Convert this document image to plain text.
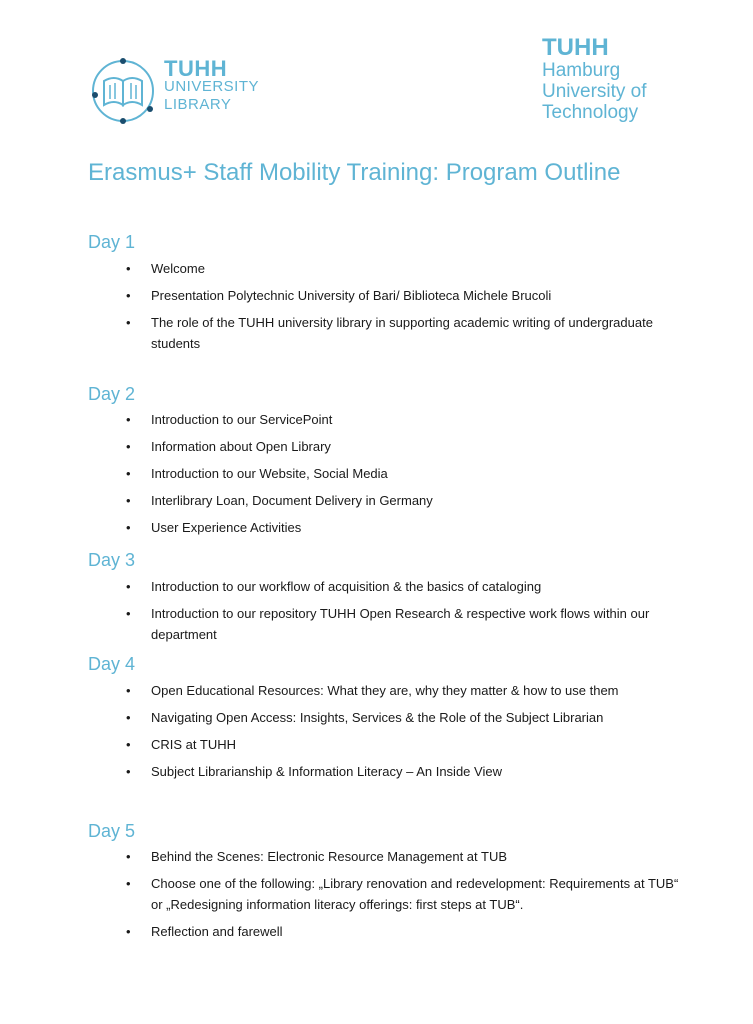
TUHH
UNIVERSITY
LIBRARY
TUHH
Hamburg
University of
Technology
Erasmus+ Staff Mobility Training: Program Outline
Day 1
• Welcome
• Presentation Polytechnic University of Bari/ Biblioteca Michele Brucoli
• The role of the TUHH university library in supporting academic writing of undergraduate students
Day 2
• Introduction to our ServicePoint
• Information about Open Library
• Introduction to our Website, Social Media
• Interlibrary Loan, Document Delivery in Germany
• User Experience Activities
Day 3
• Introduction to our workflow of acquisition & the basics of cataloging
• Introduction to our repository TUHH Open Research & respective work flows within our department
Day 4
• Open Educational Resources: What they are, why they matter & how to use them
• Navigating Open Access: Insights, Services & the Role of the Subject Librarian
• CRIS at TUHH
• Subject Librarianship & Information Literacy – An Inside View
Day 5
• Behind the Scenes: Electronic Resource Management at TUB
• Choose one of the following: „Library renovation and redevelopment: Requirements at TUB“ or „Redesigning information literacy offerings: first steps at TUB“.
• Reflection and farewell
